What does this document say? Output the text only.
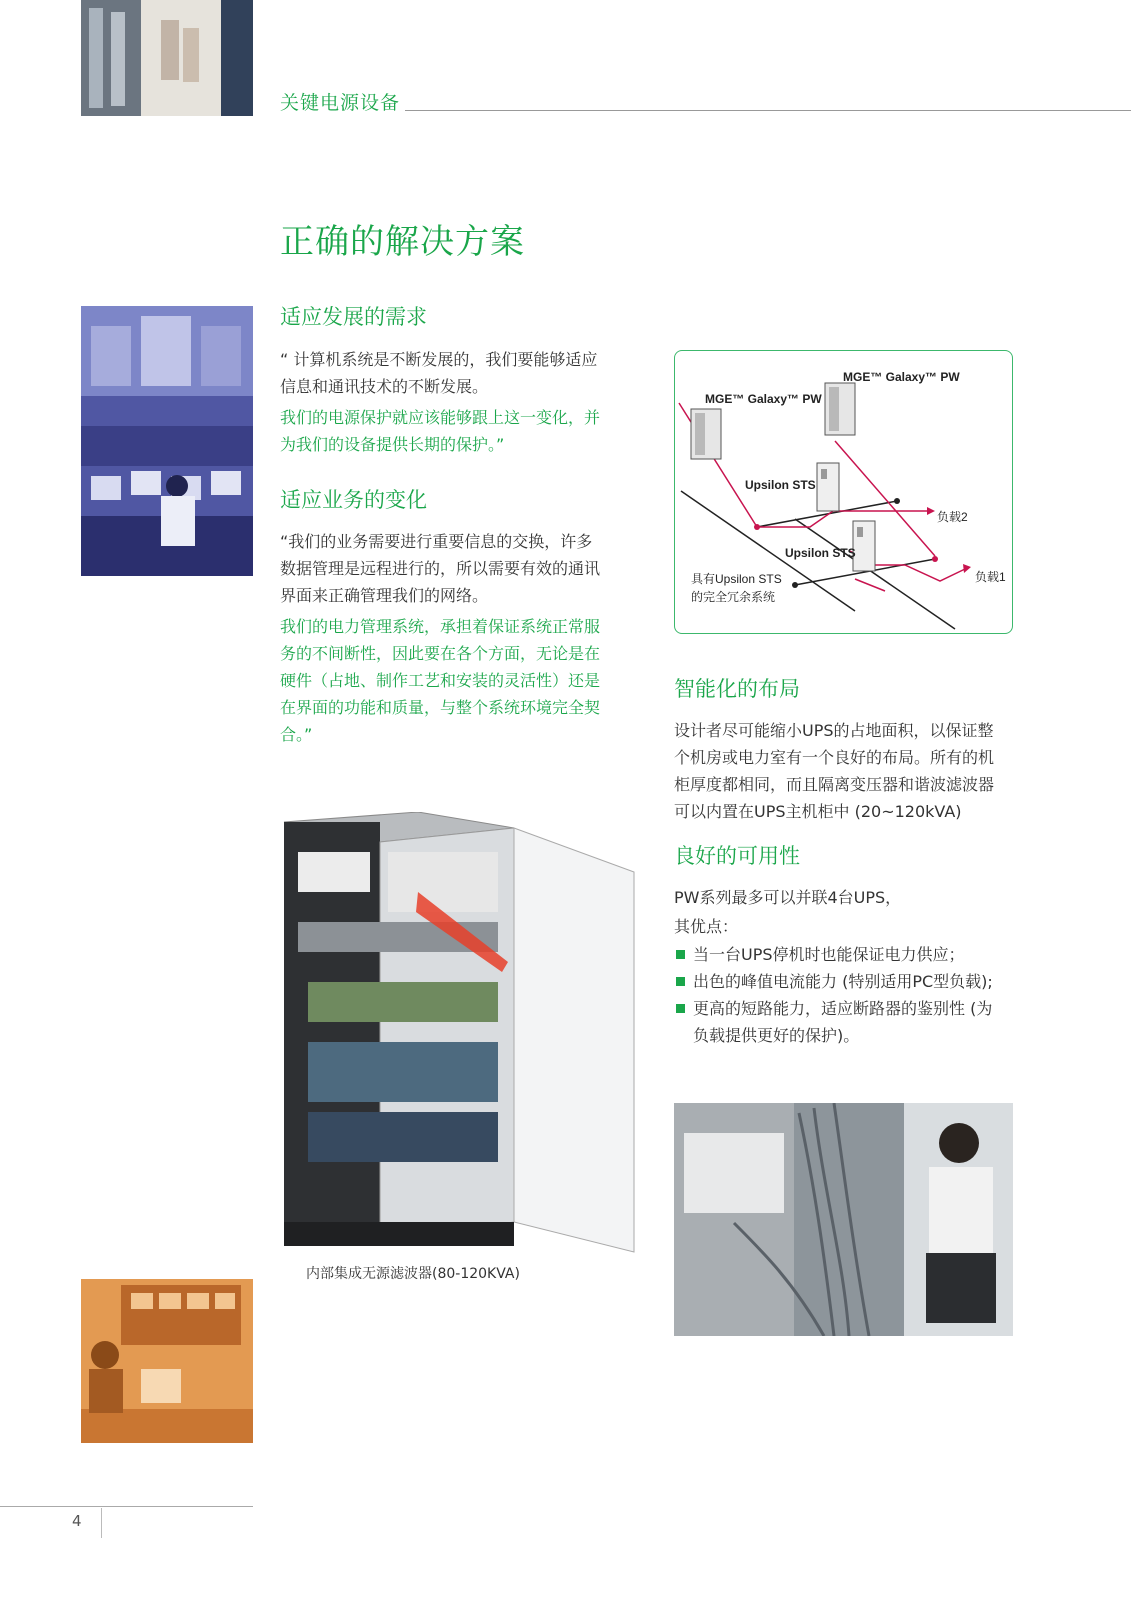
关键电源设备
正确的解决方案
适应发展的需求
“ 计算机系统是不断发展的，我们要能够适应
信息和通讯技术的不断发展。
我们的电源保护就应该能够跟上这一变化，并
为我们的设备提供长期的保护。”
适应业务的变化
“我们的业务需要进行重要信息的交换，许多
数据管理是远程进行的，所以需要有效的通讯
界面来正确管理我们的网络。
我们的电力管理系统，承担着保证系统正常服
务的不间断性，因此要在各个方面，无论是在
硬件（占地、制作工艺和安装的灵活性）还是
在界面的功能和质量，与整个系统环境完全契
合。”
MGE™ Galaxy™ PW
MGE™ Galaxy™ PW
Upsilon STS
Upsilon STS
负载2
负载1
具有Upsilon STS
的完全冗余系统
智能化的布局
设计者尽可能缩小UPS的占地面积，以保证整
个机房或电力室有一个良好的布局。所有的机
柜厚度都相同，而且隔离变压器和谐波滤波器
可以内置在UPS主机柜中 (20~120kVA)
良好的可用性
PW系列最多可以并联4台UPS，
其优点：
当一台UPS停机时也能保证电力供应；
出色的峰值电流能力 (特别适用PC型负载);
更高的短路能力，适应断路器的鉴别性 (为
负载提供更好的保护)。
内部集成无源滤波器(80-120KVA)
4
